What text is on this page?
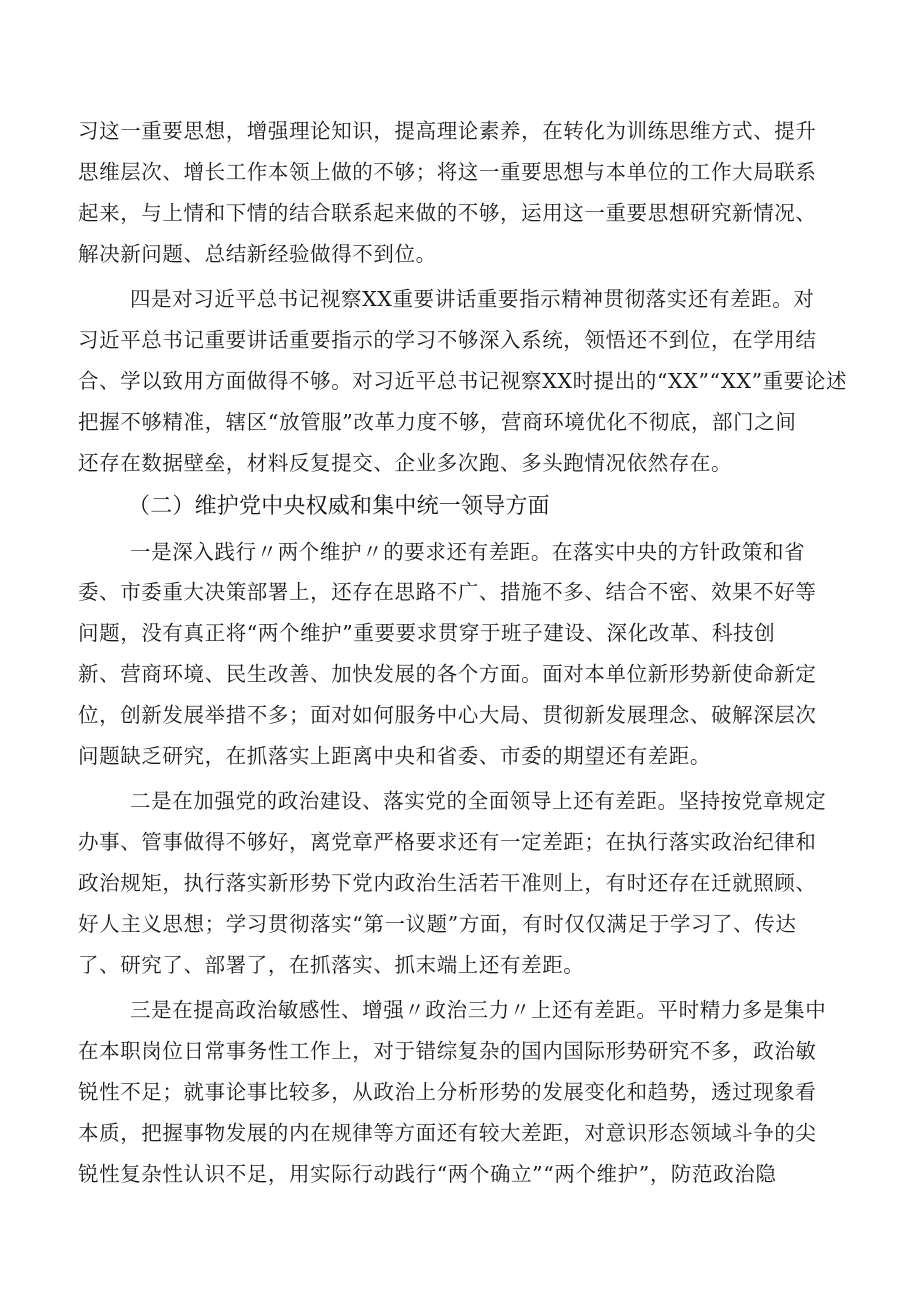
习这一重要思想，增强理论知识，提高理论素养，在转化为训练思维方式、提升
思维层次、增长工作本领上做的不够；将这一重要思想与本单位的工作大局联系
起来，与上情和下情的结合联系起来做的不够，运用这一重要思想研究新情况、
解决新问题、总结新经验做得不到位。
四是对习近平总书记视察XX重要讲话重要指示精神贯彻落实还有差距。对
习近平总书记重要讲话重要指示的学习不够深入系统，领悟还不到位，在学用结
合、学以致用方面做得不够。对习近平总书记视察XX时提出的“XX”“XX”重要论述
把握不够精准，辖区“放管服”改革力度不够，营商环境优化不彻底，部门之间
还存在数据壁垒，材料反复提交、企业多次跑、多头跑情况依然存在。
（二）维护党中央权威和集中统一领导方面
一是深入践行〃两个维护〃的要求还有差距。在落实中央的方针政策和省
委、市委重大决策部署上，还存在思路不广、措施不多、结合不密、效果不好等
问题，没有真正将“两个维护”重要要求贯穿于班子建设、深化改革、科技创
新、营商环境、民生改善、加快发展的各个方面。面对本单位新形势新使命新定
位，创新发展举措不多；面对如何服务中心大局、贯彻新发展理念、破解深层次
问题缺乏研究，在抓落实上距离中央和省委、市委的期望还有差距。
二是在加强党的政治建设、落实党的全面领导上还有差距。坚持按党章规定
办事、管事做得不够好，离党章严格要求还有一定差距；在执行落实政治纪律和
政治规矩，执行落实新形势下党内政治生活若干准则上，有时还存在迁就照顾、
好人主义思想；学习贯彻落实“第一议题”方面，有时仅仅满足于学习了、传达
了、研究了、部署了，在抓落实、抓末端上还有差距。
三是在提高政治敏感性、增强〃政治三力〃上还有差距。平时精力多是集中
在本职岗位日常事务性工作上，对于错综复杂的国内国际形势研究不多，政治敏
锐性不足；就事论事比较多，从政治上分析形势的发展变化和趋势，透过现象看
本质，把握事物发展的内在规律等方面还有较大差距，对意识形态领域斗争的尖
锐性复杂性认识不足，用实际行动践行“两个确立”“两个维护”，防范政治隐
